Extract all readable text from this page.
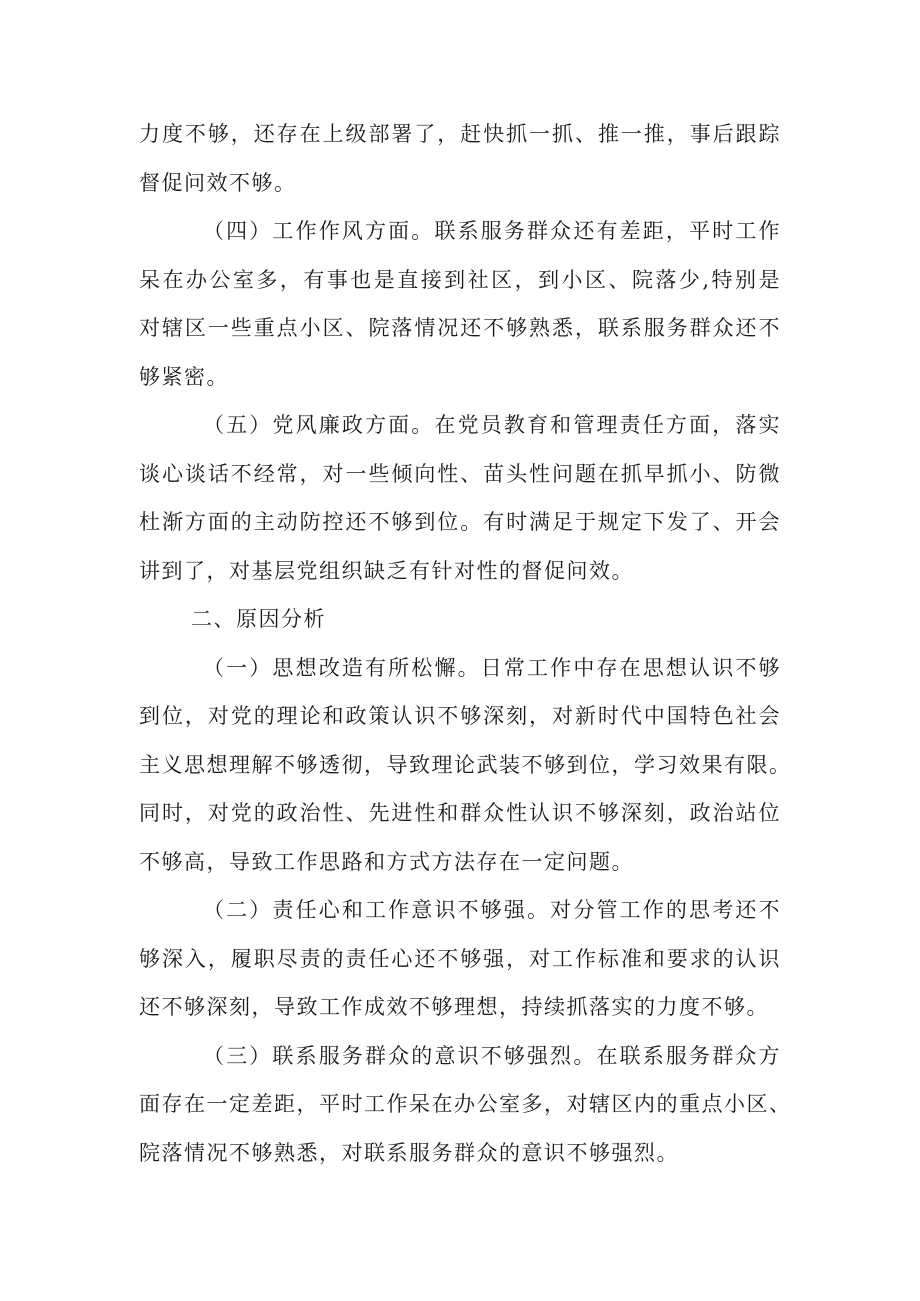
力度不够，还存在上级部署了，赶快抓一抓、推一推，事后跟踪
督促问效不够。
（四）工作作风方面。联系服务群众还有差距，平时工作
呆在办公室多，有事也是直接到社区，到小区、院落少,特别是
对辖区一些重点小区、院落情况还不够熟悉，联系服务群众还不
够紧密。
（五）党风廉政方面。在党员教育和管理责任方面，落实
谈心谈话不经常，对一些倾向性、苗头性问题在抓早抓小、防微
杜渐方面的主动防控还不够到位。有时满足于规定下发了、开会
讲到了，对基层党组织缺乏有针对性的督促问效。
二、原因分析
（一）思想改造有所松懈。日常工作中存在思想认识不够
到位，对党的理论和政策认识不够深刻，对新时代中国特色社会
主义思想理解不够透彻，导致理论武装不够到位，学习效果有限。
同时，对党的政治性、先进性和群众性认识不够深刻，政治站位
不够高，导致工作思路和方式方法存在一定问题。
（二）责任心和工作意识不够强。对分管工作的思考还不
够深入，履职尽责的责任心还不够强，对工作标准和要求的认识
还不够深刻，导致工作成效不够理想，持续抓落实的力度不够。
（三）联系服务群众的意识不够强烈。在联系服务群众方
面存在一定差距，平时工作呆在办公室多，对辖区内的重点小区、
院落情况不够熟悉，对联系服务群众的意识不够强烈。
